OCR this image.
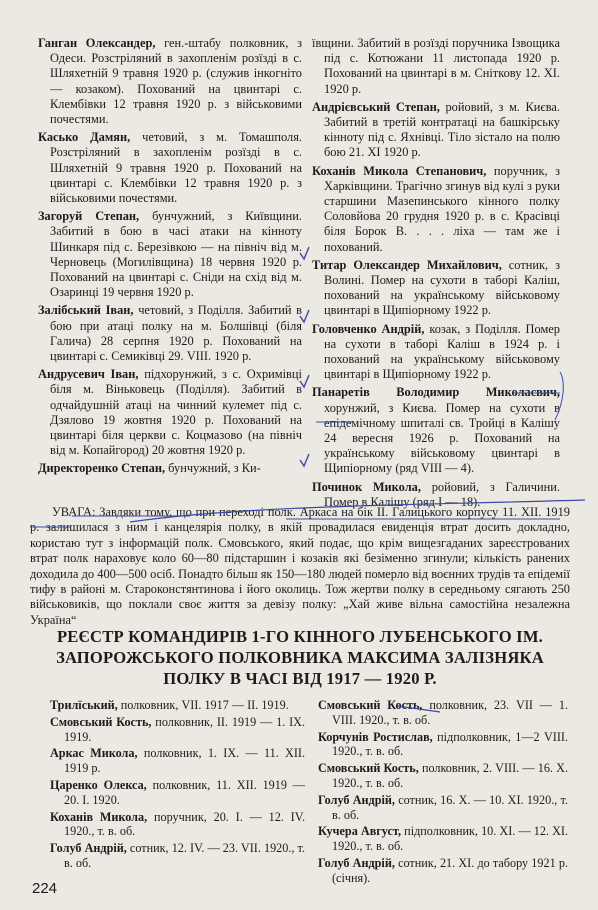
Ганган Олександер, ген.-штабу полковник, з Одеси. Розстріляний в захопленім розїзді в с. Шляхетній 9 травня 1920 р. (служив інкогніто — козаком). Похований на цвинтарі с. Клембівки 12 травня 1920 р. з військовими почестями.
Касько Дамян, четовий, з м. Томашполя. Розстріляний в захопленім розїзді в с. Шляхетній 9 травня 1920 р. Похований на цвинтарі с. Клембівки 12 травня 1920 р. з військовими почестями.
Загоруй Степан, бунчужний, з Київщини. Забитий в бою в часі атаки на кінноту Шинкаря під с. Березівкою — на північ від м. Черновець (Могилівщина) 18 червня 1920 р. Похований на цвинтарі с. Сніди на схід від м. Озаринці 19 червня 1920 р.
Залібський Іван, четовий, з Поділля. Забитий в бою при атаці полку на м. Болшівці (біля Галича) 28 серпня 1920 р. Похований на цвинтарі с. Семиківці 29. VIII. 1920 р.
Андрусевич Іван, підхорунжий, з с. Охримівці біля м. Віньковець (Поділля). Забитий в одчайдушній атаці на чинний кулемет під с. Дзялово 19 жовтня 1920 р. Похований на цвинтарі біля церкви с. Коцмазово (на північ від м. Копайгород) 20 жовтня 1920 р.
Директоренко Степан, бунчужний, з Ки-
ївщини. Забитий в розїзді поручника Ізвощика під с. Котюжани 11 листопада 1920 р. Похований на цвинтарі в м. Сніткову 12. XI. 1920 р.
Андрієвський Степан, ройовий, з м. Києва. Забитий в третій контратаці на башкірську кінноту під с. Яхнівці. Тіло зістало на полю бою 21. XI 1920 р.
Коханів Микола Степанович, поручник, з Харківщини. Трагічно згинув від кулі з руки старшини Мазепинського кінного полку Соловйова 20 грудня 1920 р. в с. Красівці біля Борок В. . . . ліха — там же і похований.
Титар Олександер Михайлович, сотник, з Волині. Помер на сухоти в таборі Каліш, похований на українському військовому цвинтарі в Щипіорному 1922 р.
Головченко Андрій, козак, з Поділля. Помер на сухоти в таборі Каліш в 1924 р. і похований на українському військовому цвинтарі в Щипіорному 1922 р.
Панаретів Володимир Миколаєвич, хорунжий, з Києва. Помер на сухоти в епідемічному шпиталі св. Тройці в Калішу 24 вересня 1926 р. Похований на українському військовому цвинтарі в Щипіорному (ряд VIII — 4).
Починок Микола, ройовий, з Галичини. Помер в Калішу (ряд I — 18).
УВАГА: Завдяки тому, що при переході полк. Аркаса на бік II. Галицького корпусу 11. XII. 1919 р. залишилася з ним і канцелярія полку, в якій провадилася евиденція втрат досить докладно, користаю тут з інформацій полк. Смовського, який подає, що крім вищезгаданих зареєстрованих втрат полк нараховує коло 60—80 підстаршин і козаків які безіменно згинули; кількість ранених доходила до 400—500 осіб. Понадто більш як 150—180 людей померло від воєнних трудів та епідемії тифу в районі м. Староконстянтинова і його околиць. Тож жертви полку в середньому сягають 250 військовиків, що поклали своє життя за девізу полку: „Хай живе вільна самостійна незалежна Україна“
РЕЄСТР КОМАНДИРІВ 1-ГО КІННОГО ЛУБЕНСЬКОГО ІМ. ЗАПОРОЖСЬКОГО ПОЛКОВНИКА МАКСИМА ЗАЛІЗНЯКА ПОЛКУ В ЧАСІ ВІД 1917 — 1920 Р.
Трилїський, полковник, VII. 1917 — II. 1919.
Смовський Кость, полковник, II. 1919 — 1. IX. 1919.
Аркас Микола, полковник, 1. IX. — 11. XII. 1919 р.
Царенко Олекса, полковник, 11. XII. 1919 — 20. I. 1920.
Коханів Микола, поручник, 20. I. — 12. IV. 1920., т. в. об.
Голуб Андрій, сотник, 12. IV. — 23. VII. 1920., т. в. об.
Смовський Кость, полковник, 23. VII — 1. VIII. 1920., т. в. об.
Корчунів Ростислав, підполковник, 1—2 VIII. 1920., т. в. об.
Смовський Кость, полковник, 2. VIII. — 16. X. 1920., т. в. об.
Голуб Андрій, сотник, 16. X. — 10. XI. 1920., т. в. об.
Кучера Август, підполковник, 10. XI. — 12. XI. 1920., т. в. об.
Голуб Андрій, сотник, 21. XI. до табору 1921 р. (січня).
224
